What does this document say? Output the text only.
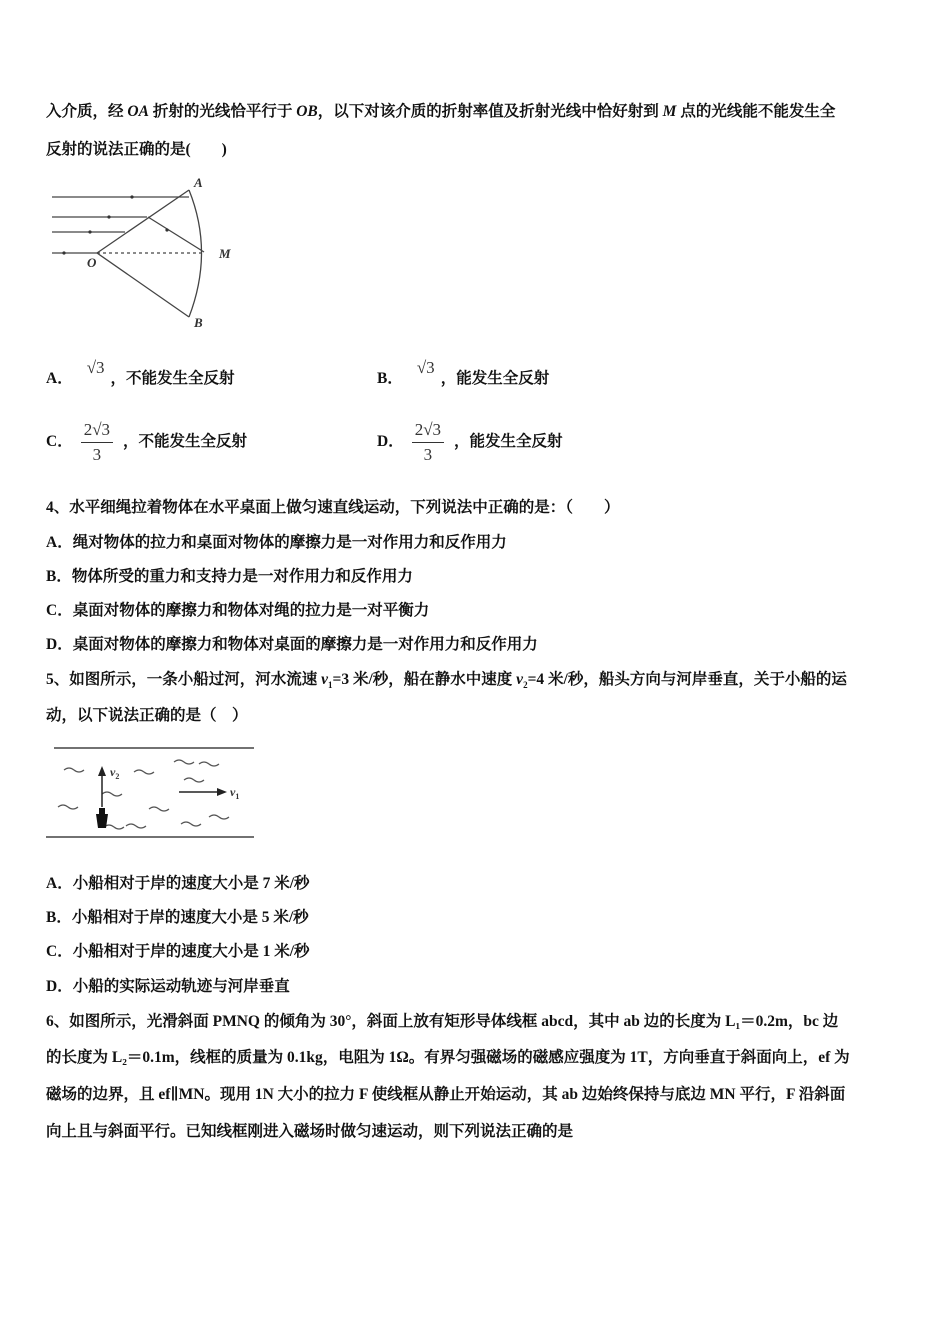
入介质，经 OA 折射的光线恰平行于 OB，以下对该介质的折射率值及折射光线中恰好射到 M 点的光线能不能发生全
反射的说法正确的是(　　)
A
O
M
B
A．√3，不能发生全反射	B．√3，能发生全反射
C． $\frac{2√3}{3}$ ，不能发生全反射	D． $\frac{2√3}{3}$ ，能发生全反射
4、水平细绳拉着物体在水平桌面上做匀速直线运动，下列说法中正确的是：（　　）
A．绳对物体的拉力和桌面对物体的摩擦力是一对作用力和反作用力
B．物体所受的重力和支持力是一对作用力和反作用力
C．桌面对物体的摩擦力和物体对绳的拉力是一对平衡力
D．桌面对物体的摩擦力和物体对桌面的摩擦力是一对作用力和反作用力
5、如图所示，一条小船过河，河水流速 $v_1=3$ 米/秒，船在静水中速度 $v_2=4$ 米/秒，船头方向与河岸垂直，关于小船的运
动，以下说法正确的是（　）
$v_2$
$v_1$
A．小船相对于岸的速度大小是 7 米/秒
B．小船相对于岸的速度大小是 5 米/秒
C．小船相对于岸的速度大小是 1 米/秒
D．小船的实际运动轨迹与河岸垂直
6、如图所示，光滑斜面 PMNQ 的倾角为 30°，斜面上放有矩形导体线框 abcd，其中 ab 边的长度为 L₁＝0.2m，bc 边
的长度为 L₂＝0.1m，线框的质量为 0.1kg，电阻为 1Ω。有界匀强磁场的磁感应强度为 1T，方向垂直于斜面向上，ef 为
磁场的边界，且 ef∥MN。现用 1N 大小的拉力 F 使线框从静止开始运动，其 ab 边始终保持与底边 MN 平行，F 沿斜面
向上且与斜面平行。已知线框刚进入磁场时做匀速运动，则下列说法正确的是
